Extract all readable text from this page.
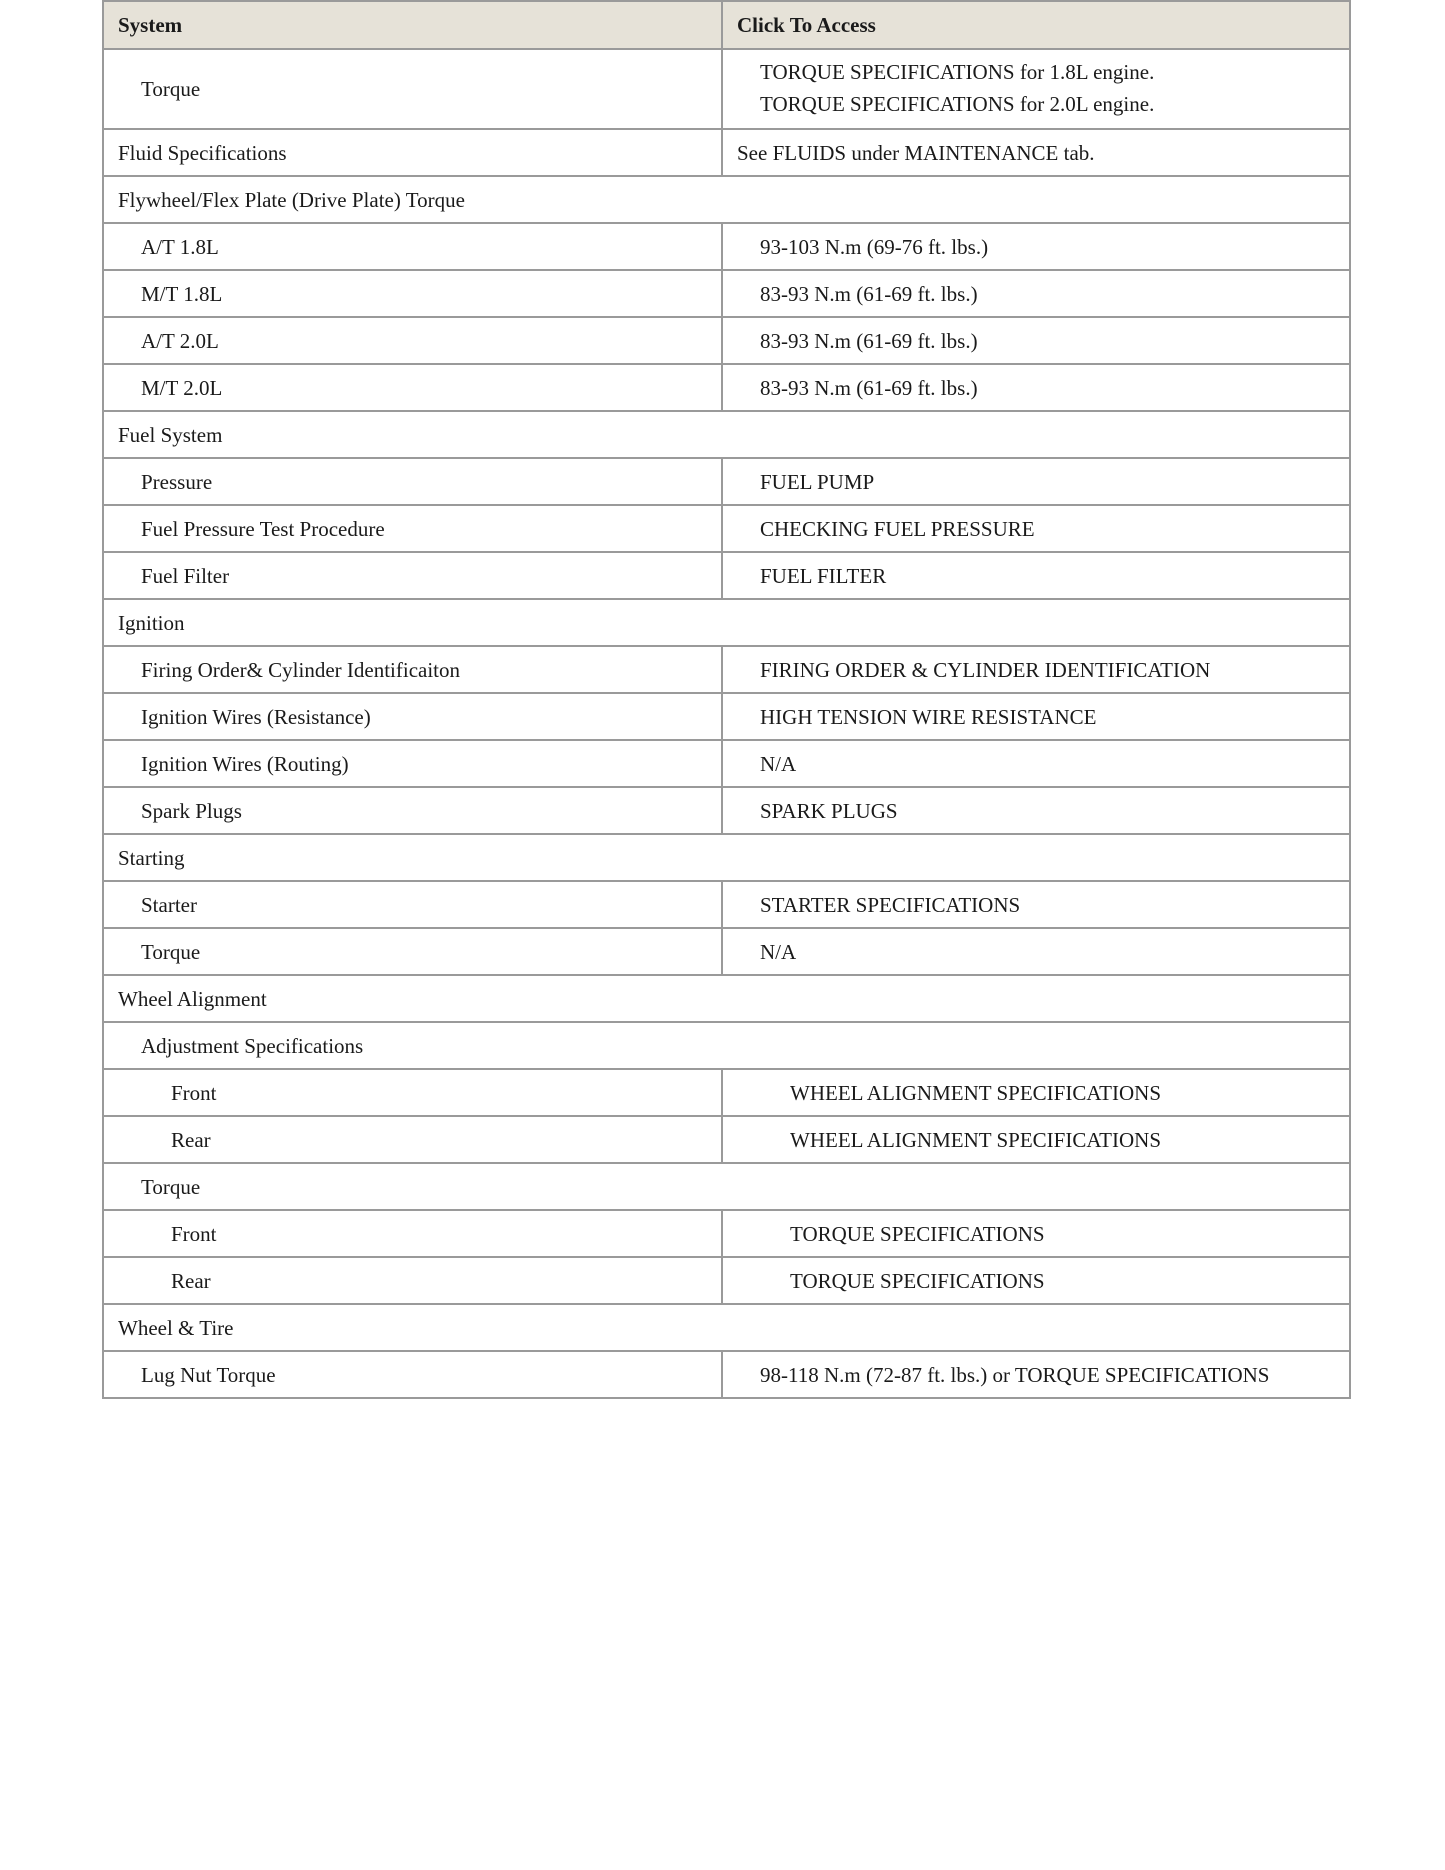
System	Click To Access
Torque	TORQUE SPECIFICATIONS for 1.8L engine.
TORQUE SPECIFICATIONS for 2.0L engine.

Fluid Specifications	See FLUIDS under MAINTENANCE tab.

Flywheel/Flex Plate (Drive Plate) Torque	
A/T 1.8L	93-103 N.m (69-76 ft. lbs.)

M/T 1.8L	83-93 N.m (61-69 ft. lbs.)

A/T 2.0L	83-93 N.m (61-69 ft. lbs.)

M/T 2.0L	83-93 N.m (61-69 ft. lbs.)

Fuel System	
Pressure	FUEL PUMP

Fuel Pressure Test Procedure	CHECKING FUEL PRESSURE

Fuel Filter	FUEL FILTER

Ignition	
Firing Order& Cylinder Identificaiton	FIRING ORDER & CYLINDER IDENTIFICATION

Ignition Wires (Resistance)	HIGH TENSION WIRE RESISTANCE

Ignition Wires (Routing)	N/A

Spark Plugs	SPARK PLUGS

Starting	
Starter	STARTER SPECIFICATIONS

Torque	N/A

Wheel Alignment	
Adjustment Specifications	
Front	WHEEL ALIGNMENT SPECIFICATIONS

Rear	WHEEL ALIGNMENT SPECIFICATIONS

Torque	
Front	TORQUE SPECIFICATIONS

Rear	TORQUE SPECIFICATIONS

Wheel & Tire	
Lug Nut Torque	98-118 N.m (72-87 ft. lbs.) or TORQUE SPECIFICATIONS
